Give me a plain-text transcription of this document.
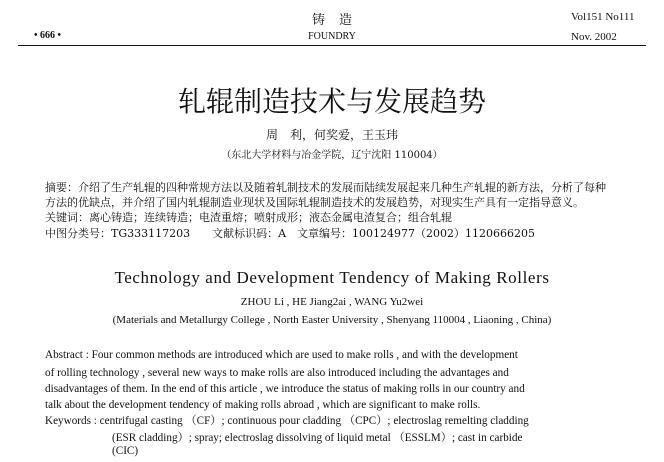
• 666 •
铸造
FOUNDRY
Vol151 No111
Nov. 2002
轧辊制造技术与发展趋势
周　利，何奖爱，王玉玮
（东北大学材料与冶金学院，辽宁沈阳 110004）
摘要：介绍了生产轧辊的四种常规方法以及随着轧制技术的发展而陆续发展起来几种生产轧辊的新方法，分析了每种
方法的优缺点，并介绍了国内轧辊制造业现状及国际轧辊制造技术的发展趋势，对现实生产具有一定指导意义。
关键词：离心铸造；连续铸造；电渣重熔；喷射成形；液态金属电渣复合；组合轧辊
中图分类号：TG333117203　　文献标识码：A　文章编号：100124977（2002）1120666205
Technology and Development Tendency of Making Rollers
ZHOU Li , HE Jiang2ai , WANG Yu2wei
(Materials and Metallurgy College , North Easter University , Shenyang 110004 , Liaoning , China)
Abstract : Four common methods are introduced which are used to make rolls , and with the development
of rolling technology , several new ways to make rolls are also introduced including the advantages and
disadvantages of them. In the end of this article , we introduce the status of making rolls in our country and
talk about the development tendency of making rolls abroad , which are significant to make rolls.
Keywords : centrifugal casting （CF）; continuous pour cladding （CPC）; electroslag remelting cladding
(ESR cladding）; spray; electroslag dissolving of liquid metal （ESSLM）; cast in carbide
(CIC)
